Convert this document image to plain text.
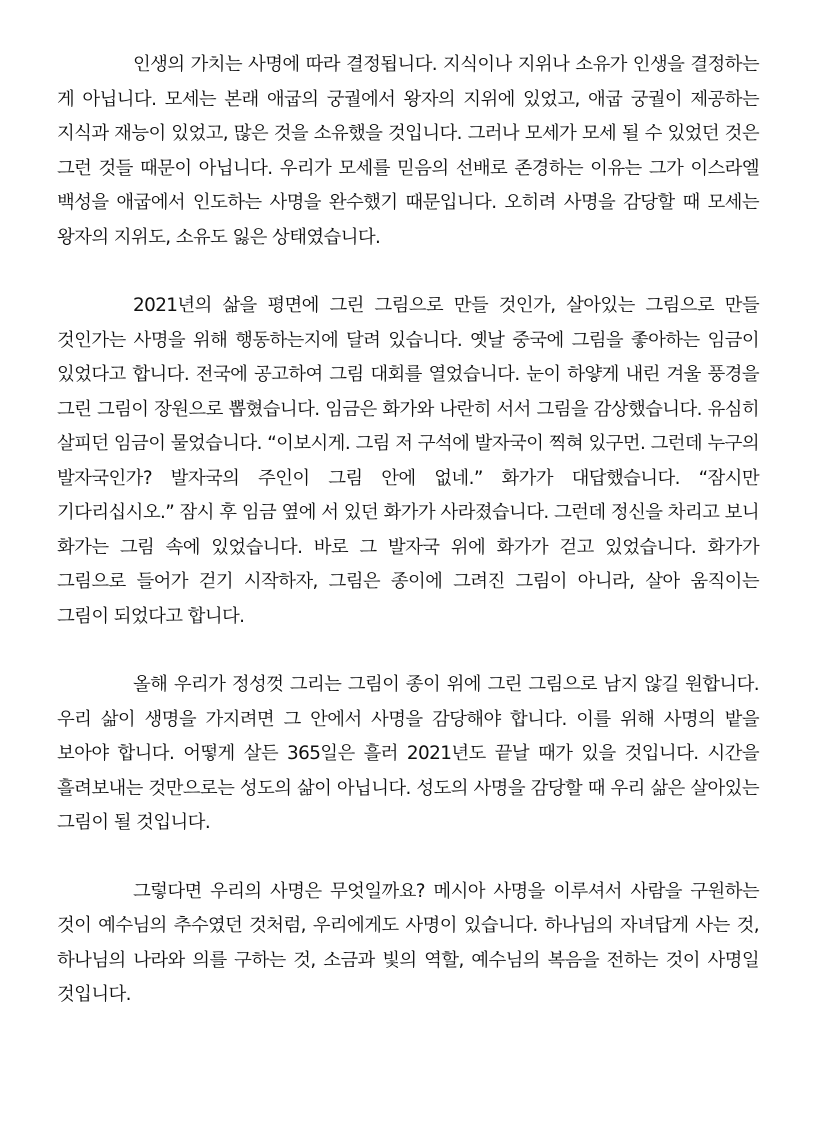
인생의 가치는 사명에 따라 결정됩니다. 지식이나 지위나 소유가 인생을 결정하는 게 아닙니다. 모세는 본래 애굽의 궁궐에서 왕자의 지위에 있었고, 애굽 궁궐이 제공하는 지식과 재능이 있었고, 많은 것을 소유했을 것입니다. 그러나 모세가 모세 될 수 있었던 것은 그런 것들 때문이 아닙니다. 우리가 모세를 믿음의 선배로 존경하는 이유는 그가 이스라엘 백성을 애굽에서 인도하는 사명을 완수했기 때문입니다. 오히려 사명을 감당할 때 모세는 왕자의 지위도, 소유도 잃은 상태였습니다.

2021년의 삶을 평면에 그린 그림으로 만들 것인가, 살아있는 그림으로 만들 것인가는 사명을 위해 행동하는지에 달려 있습니다. 옛날 중국에 그림을 좋아하는 임금이 있었다고 합니다. 전국에 공고하여 그림 대회를 열었습니다. 눈이 하얗게 내린 겨울 풍경을 그린 그림이 장원으로 뽑혔습니다. 임금은 화가와 나란히 서서 그림을 감상했습니다. 유심히 살피던 임금이 물었습니다. “이보시게. 그림 저 구석에 발자국이 찍혀 있구먼. 그런데 누구의 발자국인가? 발자국의 주인이 그림 안에 없네.” 화가가 대답했습니다. “잠시만 기다리십시오.” 잠시 후 임금 옆에 서 있던 화가가 사라졌습니다. 그런데 정신을 차리고 보니 화가는 그림 속에 있었습니다. 바로 그 발자국 위에 화가가 걷고 있었습니다. 화가가 그림으로 들어가 걷기 시작하자, 그림은 종이에 그려진 그림이 아니라, 살아 움직이는 그림이 되었다고 합니다.

올해 우리가 정성껏 그리는 그림이 종이 위에 그린 그림으로 남지 않길 원합니다. 우리 삶이 생명을 가지려면 그 안에서 사명을 감당해야 합니다. 이를 위해 사명의 밭을 보아야 합니다. 어떻게 살든 365일은 흘러 2021년도 끝날 때가 있을 것입니다. 시간을 흘려보내는 것만으로는 성도의 삶이 아닙니다. 성도의 사명을 감당할 때 우리 삶은 살아있는 그림이 될 것입니다.

그렇다면 우리의 사명은 무엇일까요? 메시아 사명을 이루셔서 사람을 구원하는 것이 예수님의 추수였던 것처럼, 우리에게도 사명이 있습니다. 하나님의 자녀답게 사는 것, 하나님의 나라와 의를 구하는 것, 소금과 빛의 역할, 예수님의 복음을 전하는 것이 사명일 것입니다.
